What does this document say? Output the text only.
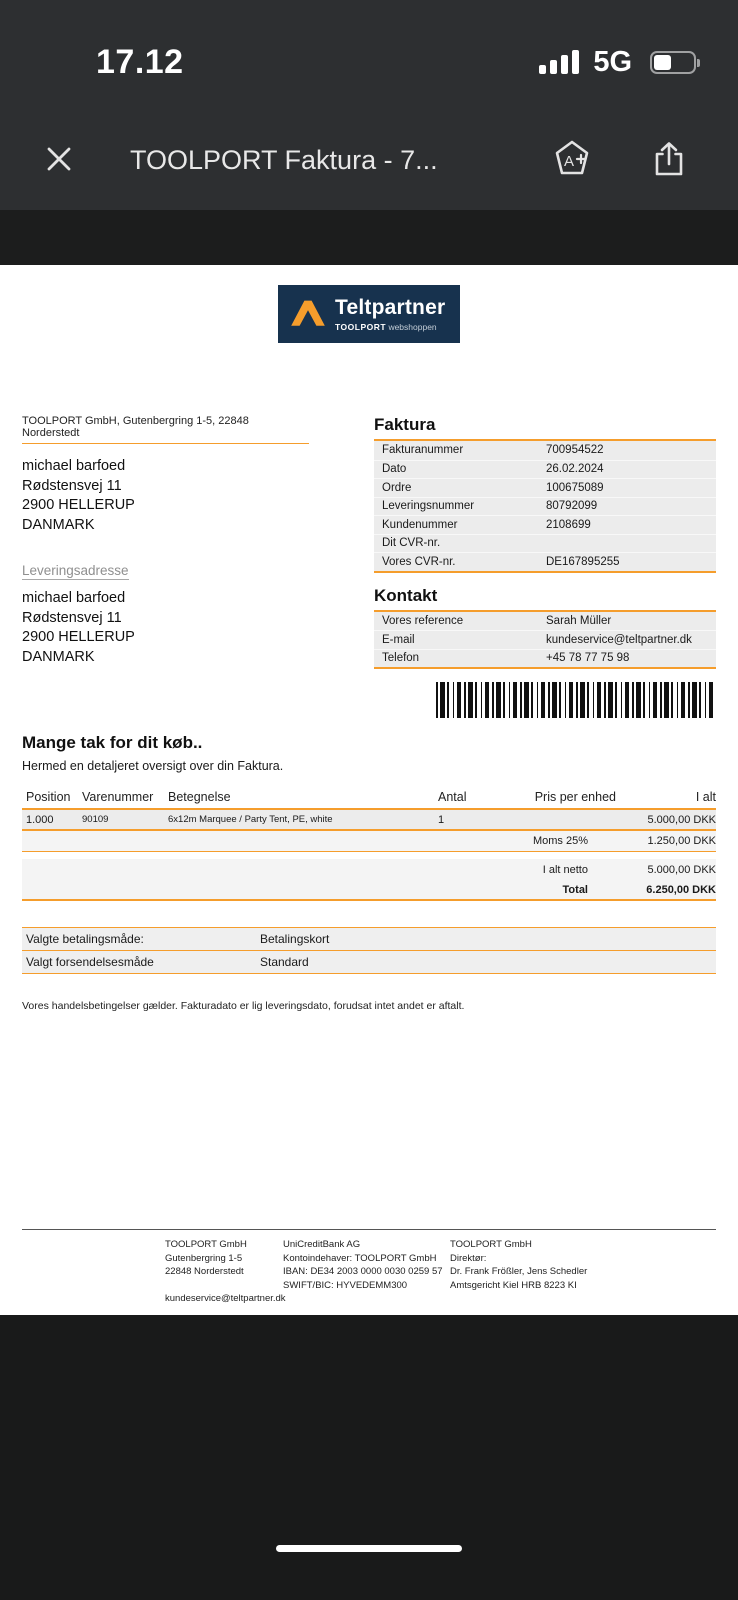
17.12	5G
TOOLPORT Faktura - 7...	A
Teltpartner
TOOLPORT webshoppen
TOOLPORT GmbH, Gutenbergring 1-5, 22848 Norderstedt
michael barfoed
Rødstensvej 11
2900 HELLERUP
DANMARK
Leveringsadresse
michael barfoed
Rødstensvej 11
2900 HELLERUP
DANMARK
Faktura
Fakturanummer	700954522
Dato	26.02.2024
Ordre	100675089
Leveringsnummer	80792099
Kundenummer	2108699
Dit CVR-nr.
Vores CVR-nr.	DE167895255
Kontakt
Vores reference	Sarah Müller
E-mail	kundeservice@teltpartner.dk
Telefon	+45 78 77 75 98
Mange tak for dit køb..
Hermed en detaljeret oversigt over din Faktura.
Position Varenummer	Betegnelse	Antal	Pris per enhed	I alt
1.000	90109	6x12m Marquee / Party Tent, PE, white	1	5.000,00 DKK
Moms 25%	1.250,00 DKK
I alt netto	5.000,00 DKK
Total	6.250,00 DKK
Valgte betalingsmåde:	Betalingskort
Valgt forsendelsesmåde	Standard
Vores handelsbetingelser gælder. Fakturadato er lig leveringsdato, forudsat intet andet er aftalt.
TOOLPORT GmbH
Gutenbergring 1-5
22848 Norderstedt
kundeservice@teltpartner.dk
UniCreditBank AG
Kontoindehaver: TOOLPORT GmbH
IBAN: DE34 2003 0000 0030 0259 57
SWIFT/BIC: HYVEDEMM300
TOOLPORT GmbH
Direktør:
Dr. Frank Frößler, Jens Schedler
Amtsgericht Kiel HRB 8223 KI
